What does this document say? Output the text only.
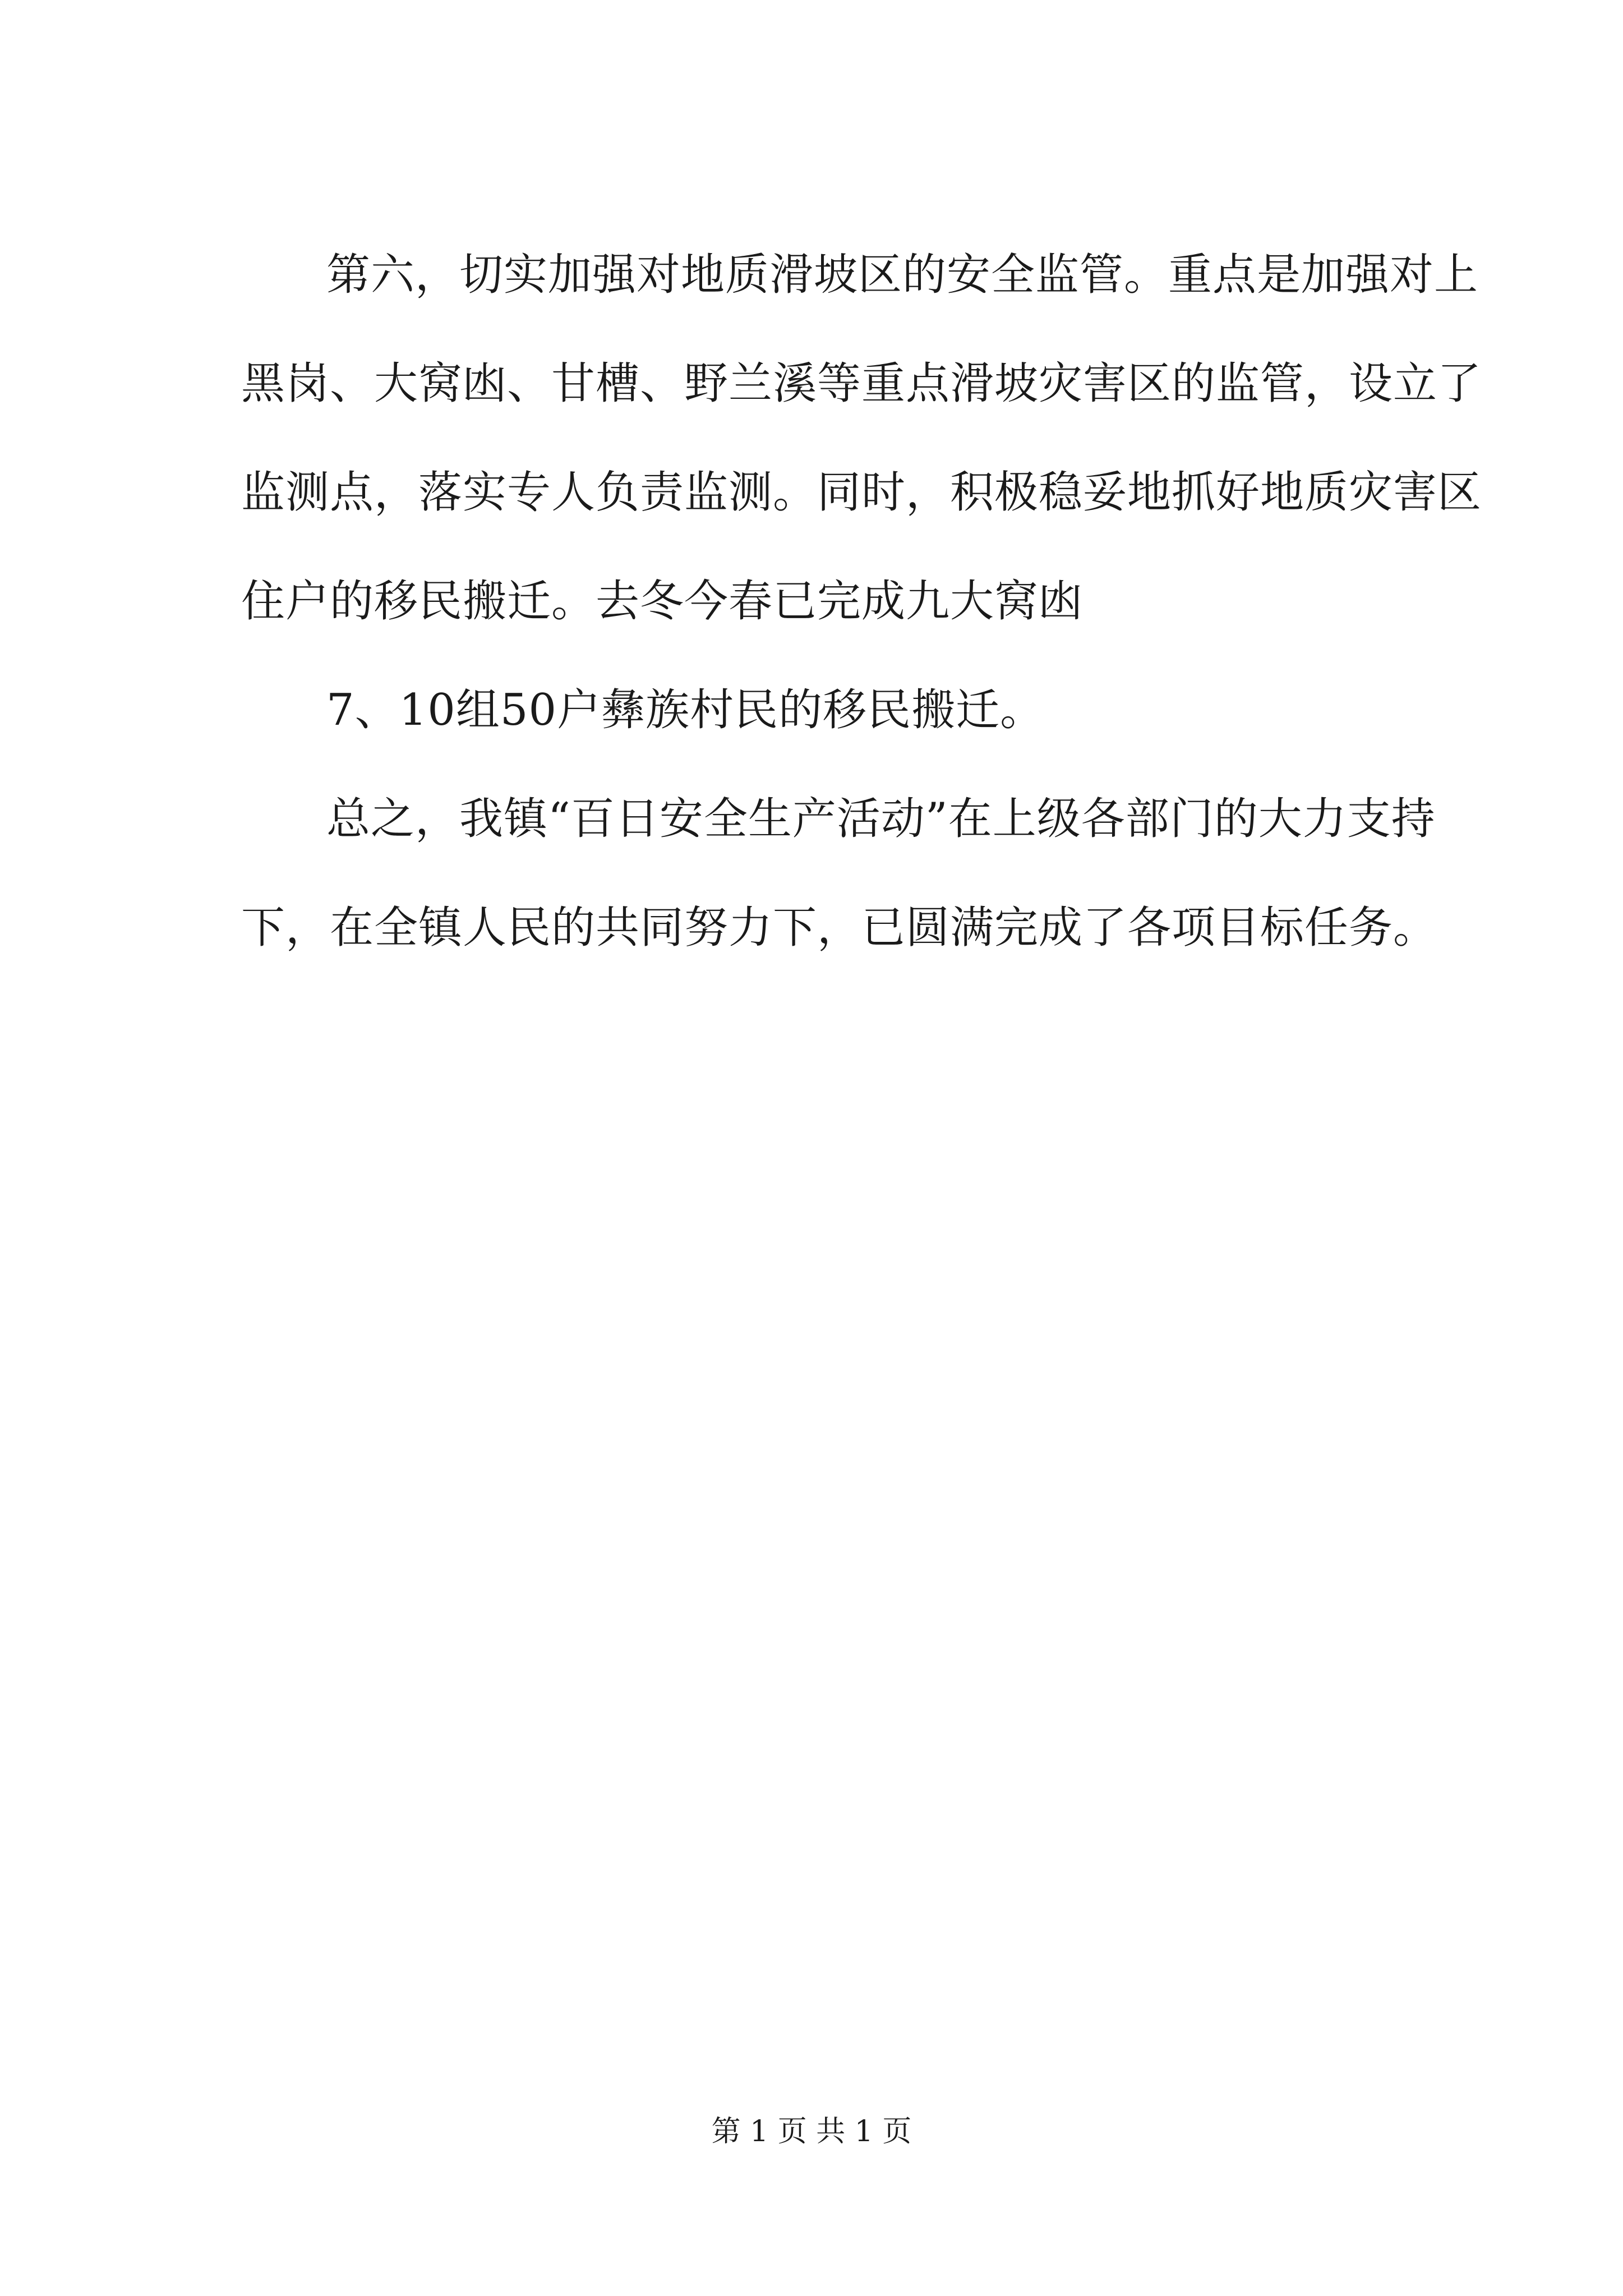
第六，切实加强对地质滑坡区的安全监管。重点是加强对上
黑岗、大窝凼、甘槽、野兰溪等重点滑坡灾害区的监管，设立了
监测点，落实专人负责监测。同时，积极稳妥地抓好地质灾害区
住户的移民搬迁。去冬今春已完成九大窝凼
7、10组50户彝族村民的移民搬迁。
总之，我镇“百日安全生产活动”在上级各部门的大力支持
下，在全镇人民的共同努力下，已圆满完成了各项目标任务。
第 1 页 共 1 页
